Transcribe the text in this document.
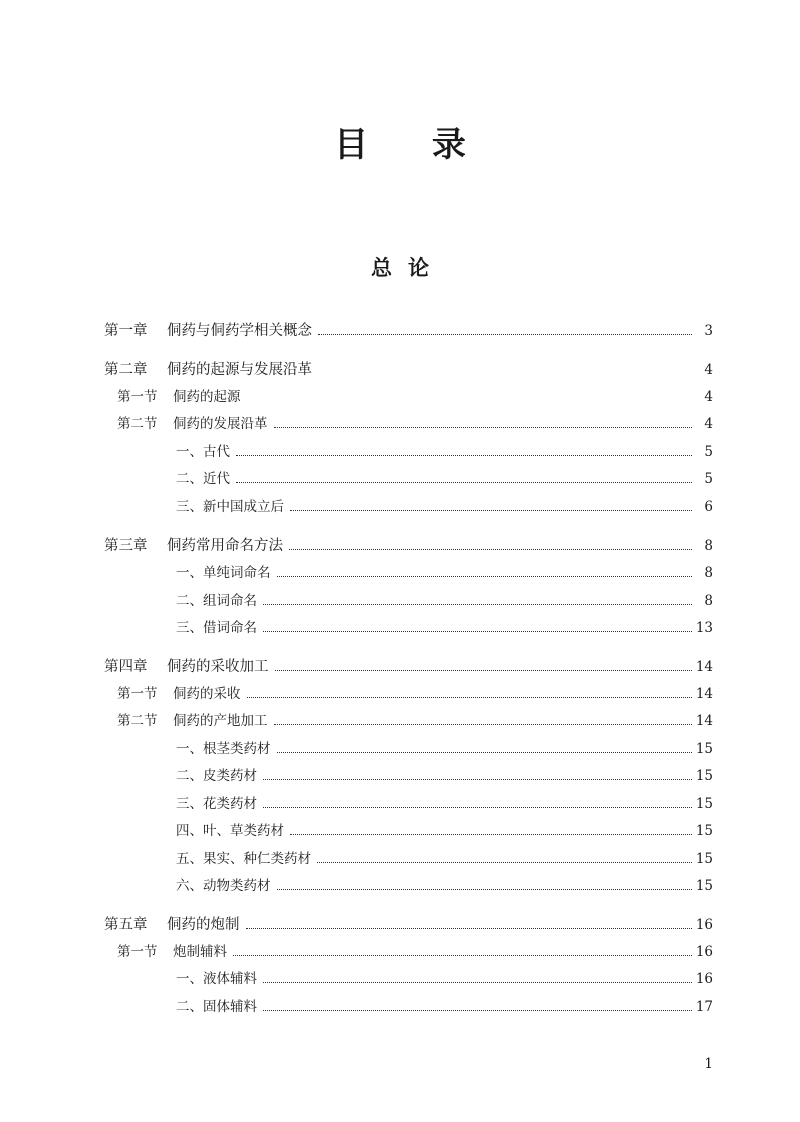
目 录
总论
第一章 侗药与侗药学相关概念	3
第二章 侗药的起源与发展沿革	4
第一节 侗药的起源	4
第二节 侗药的发展沿革	4
一、古代	5
二、近代	5
三、新中国成立后	6
第三章 侗药常用命名方法	8
一、单纯词命名	8
二、组词命名	8
三、借词命名	13
第四章 侗药的采收加工	14
第一节 侗药的采收	14
第二节 侗药的产地加工	14
一、根茎类药材	15
二、皮类药材	15
三、花类药材	15
四、叶、草类药材	15
五、果实、种仁类药材	15
六、动物类药材	15
第五章 侗药的炮制	16
第一节 炮制辅料	16
一、液体辅料	16
二、固体辅料	17
1
